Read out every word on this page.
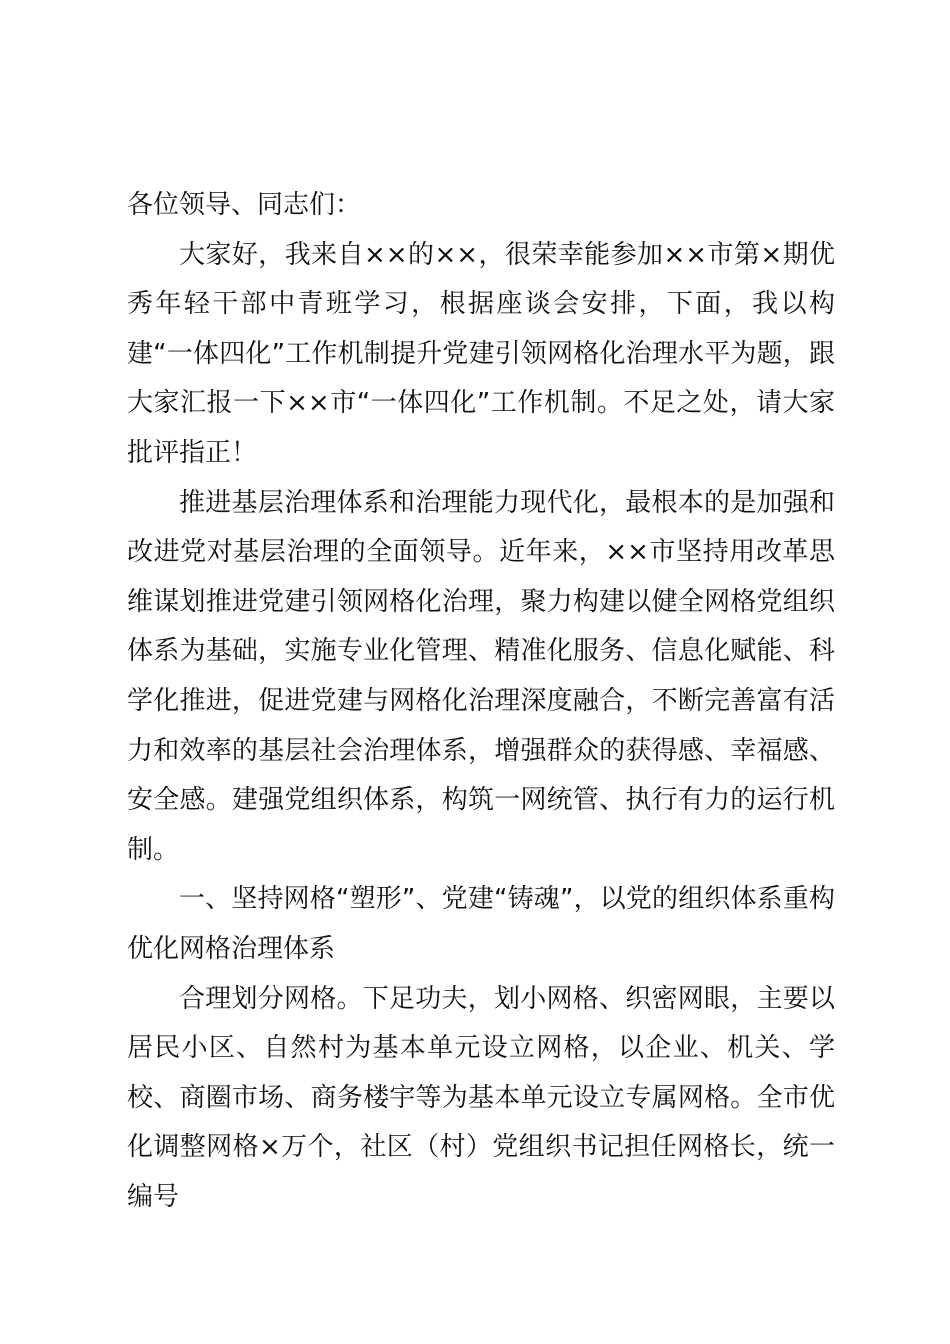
各位领导、同志们：

大家好，我来自××的××，很荣幸能参加××市第×期优秀年轻干部中青班学习，根据座谈会安排，下面，我以构建“一体四化”工作机制提升党建引领网格化治理水平为题，跟大家汇报一下××市“一体四化”工作机制。不足之处，请大家批评指正！

推进基层治理体系和治理能力现代化，最根本的是加强和改进党对基层治理的全面领导。近年来，××市坚持用改革思维谋划推进党建引领网格化治理，聚力构建以健全网格党组织体系为基础，实施专业化管理、精准化服务、信息化赋能、科学化推进，促进党建与网格化治理深度融合，不断完善富有活力和效率的基层社会治理体系，增强群众的获得感、幸福感、安全感。建强党组织体系，构筑一网统管、执行有力的运行机制。

一、坚持网格“塑形”、党建“铸魂”，以党的组织体系重构优化网格治理体系

合理划分网格。下足功夫，划小网格、织密网眼，主要以居民小区、自然村为基本单元设立网格，以企业、机关、学校、商圈市场、商务楼宇等为基本单元设立专属网格。全市优化调整网格×万个，社区（村）党组织书记担任网格长，统一编号
